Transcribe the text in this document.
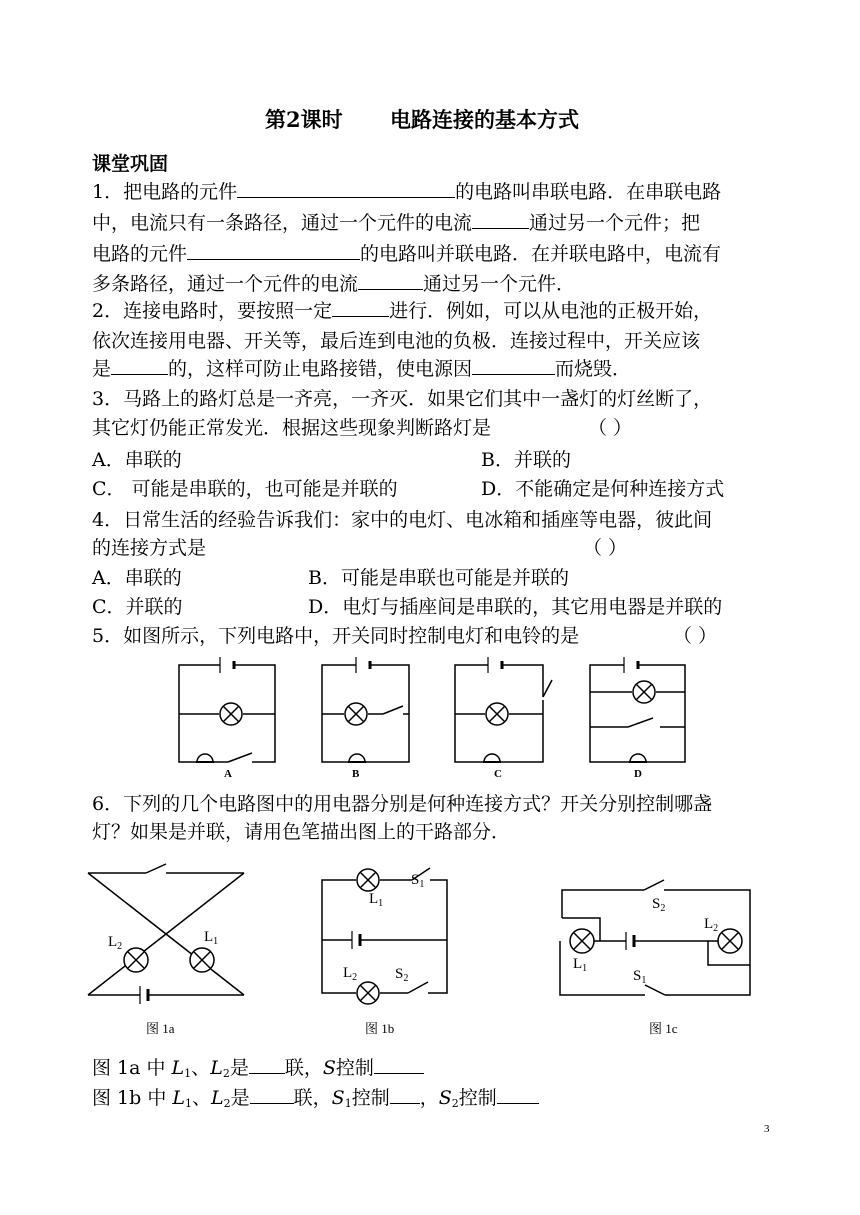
第2课时 电路连接的基本方式
课堂巩固
1．把电路的元件	的电路叫串联电路．在串联电路
中，电流只有一条路径，通过一个元件的电流	通过另一个元件；把
电路的元件	的电路叫并联电路．在并联电路中，电流有
多条路径，通过一个元件的电流	通过另一个元件．
2．连接电路时，要按照一定	进行．例如，可以从电池的正极开始，
依次连接用电器、开关等，最后连到电池的负极．连接过程中，开关应该
是	的，这样可防止电路接错，使电源因	而烧毁．
3．马路上的路灯总是一齐亮，一齐灭．如果它们其中一盏灯的灯丝断了，
其它灯仍能正常发光．根据这些现象判断路灯是	（ ）
A．串联的	B．并联的
C． 可能是串联的，也可能是并联的	D．不能确定是何种连接方式
4．日常生活的经验告诉我们：家中的电灯、电冰箱和插座等电器，彼此间
的连接方式是	（ ）
A．串联的	B．可能是串联也可能是并联的
C．并联的	D．电灯与插座间是串联的，其它用电器是并联的
5．如图所示，下列电路中，开关同时控制电灯和电铃的是	（ ）
A	B	C	D
6．下列的几个电路图中的用电器分别是何种连接方式？开关分别控制哪盏
灯？如果是并联，请用色笔描出图上的干路部分．
$L_2$
$L_1$
$L_1$
$S_1$
$L_2$	$S_2$
$S_2$
$L_2$
$L_1$	$S_1$
图 1a	图 1b	图 1c
图 1a 中 $L_1$、$L_2$是 联，S控制
图 1b 中 $L_1$、$L_2$是 联，$S_1$控制 ，$S_2$控制
3
